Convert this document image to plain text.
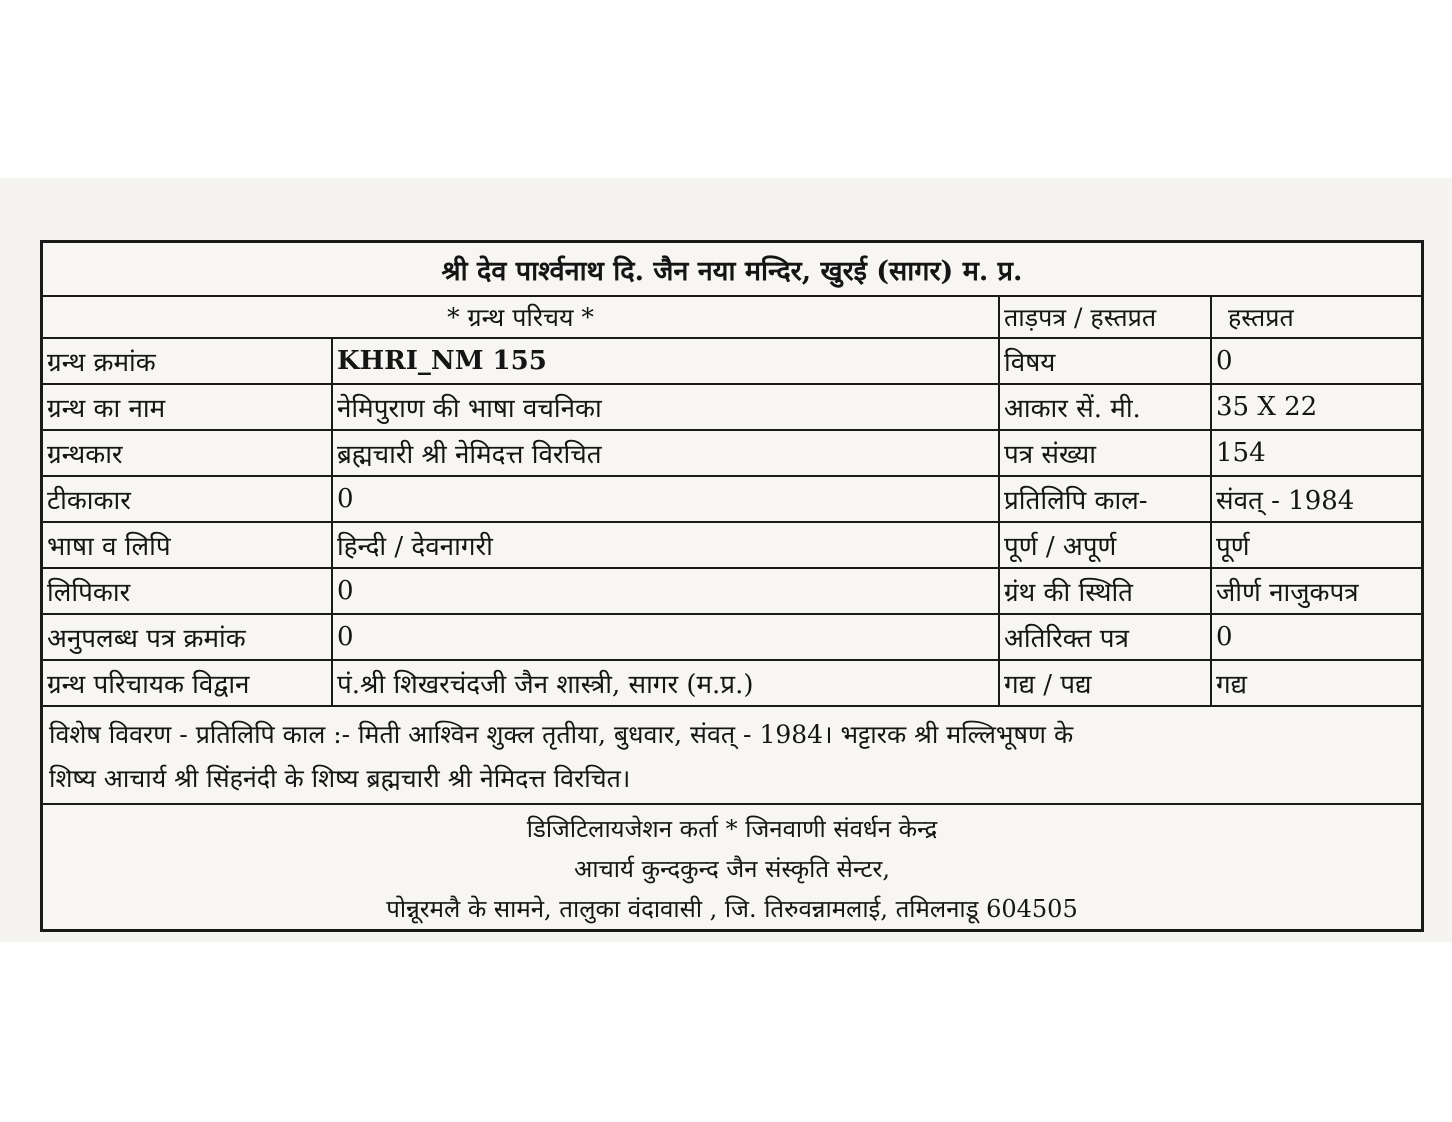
श्री देव पार्श्वनाथ दि. जैन नया मन्दिर, खुरई (सागर) म. प्र.
* ग्रन्थ परिचय *	ताड़पत्र / हस्तप्रत	हस्तप्रत
ग्रन्थ क्रमांक	KHRI_NM 155	विषय	0
ग्रन्थ का नाम	नेमिपुराण की भाषा वचनिका	आकार सें. मी.	35 X 22
ग्रन्थकार	ब्रह्मचारी श्री नेमिदत्त विरचित	पत्र संख्या	154
टीकाकार	0	प्रतिलिपि काल-	संवत् - 1984
भाषा व लिपि	हिन्दी / देवनागरी	पूर्ण / अपूर्ण	पूर्ण
लिपिकार	0	ग्रंथ की स्थिति	जीर्ण नाजुकपत्र
अनुपलब्ध पत्र क्रमांक	0	अतिरिक्त पत्र	0
ग्रन्थ परिचायक विद्वान	पं.श्री शिखरचंदजी जैन शास्त्री, सागर (म.प्र.)	गद्य / पद्य	गद्य
विशेष विवरण - प्रतिलिपि काल :- मिती आश्विन शुक्ल तृतीया, बुधवार, संवत् - 1984। भट्टारक श्री मल्लिभूषण के
शिष्य आचार्य श्री सिंहनंदी के शिष्य ब्रह्मचारी श्री नेमिदत्त विरचित।
डिजिटिलायजेशन कर्ता * जिनवाणी संवर्धन केन्द्र
आचार्य कुन्दकुन्द जैन संस्कृति सेन्टर,
पोन्नूरमलै के सामने, तालुका वंदावासी , जि. तिरुवन्नामलाई, तमिलनाडू 604505
